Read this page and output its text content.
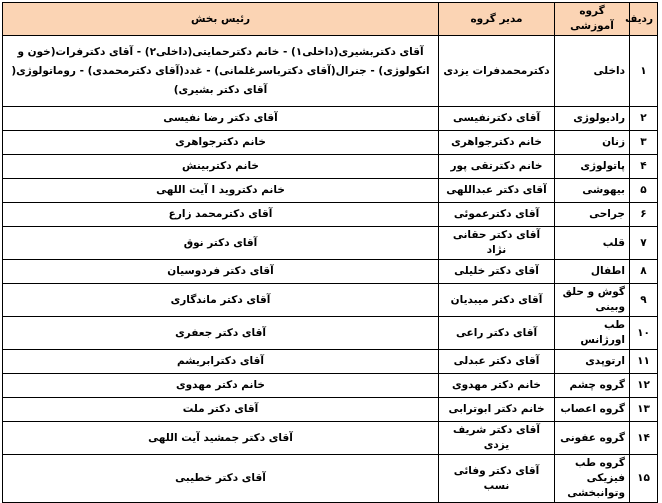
ردیف	گروه آموزشی	مدیر گروه	رئیس بخش
۱	داخلی	دکترمحمدفرات یزدی	آقای دکتربشیری(داخلی۱) - خانم دکترحمایتی(داخلی۲) - آقای دکترفرات(خون و انکولوژی) - جنرال(آقای دکترباسرغلمانی) - غدد(آقای دکترمحمدی) - روماتولوژی( آقای دکتر بشیری)
۲	رادیولوژی	آقای دکترنفیسی	آقای دکتر رضا نفیسی
۳	زنان	خانم دکترجواهری	خانم دکترجواهری
۴	پاتولوژی	خانم دکترتقی پور	خانم دکتربینش
۵	بیهوشی	آقای دکتر عبداللهی	خانم دکتروید ا آیت اللهی
۶	جراحی	آقای دکترعموئی	آقای دکترمحمد زارع
۷	قلب	آقای دکتر حقانی نژاد	آقای دکتر نوق
۸	اطفال	آقای دکتر خلیلی	آقای دکتر فردوسیان
۹	گوش و حلق وبینی	آقای دکتر میبدیان	آقای دکتر ماندگاری
۱۰	طب اورژانس	آقای دکتر راعی	آقای دکتر جعفری
۱۱	ارتوپدی	آقای دکتر عبدلی	آقای دکترابریشم
۱۲	گروه چشم	خانم دکتر مهدوی	خانم دکتر مهدوی
۱۳	گروه اعصاب	خانم دکتر ابوترابی	آقای دکتر ملت
۱۴	گروه عفونی	آقای دکتر شریف یزدی	آقای دکتر جمشید آیت اللهی
۱۵	گروه طب فیزیکی وتوانبخشی	آقای دکتر وفائی نسب	آقای دکتر خطیبی
